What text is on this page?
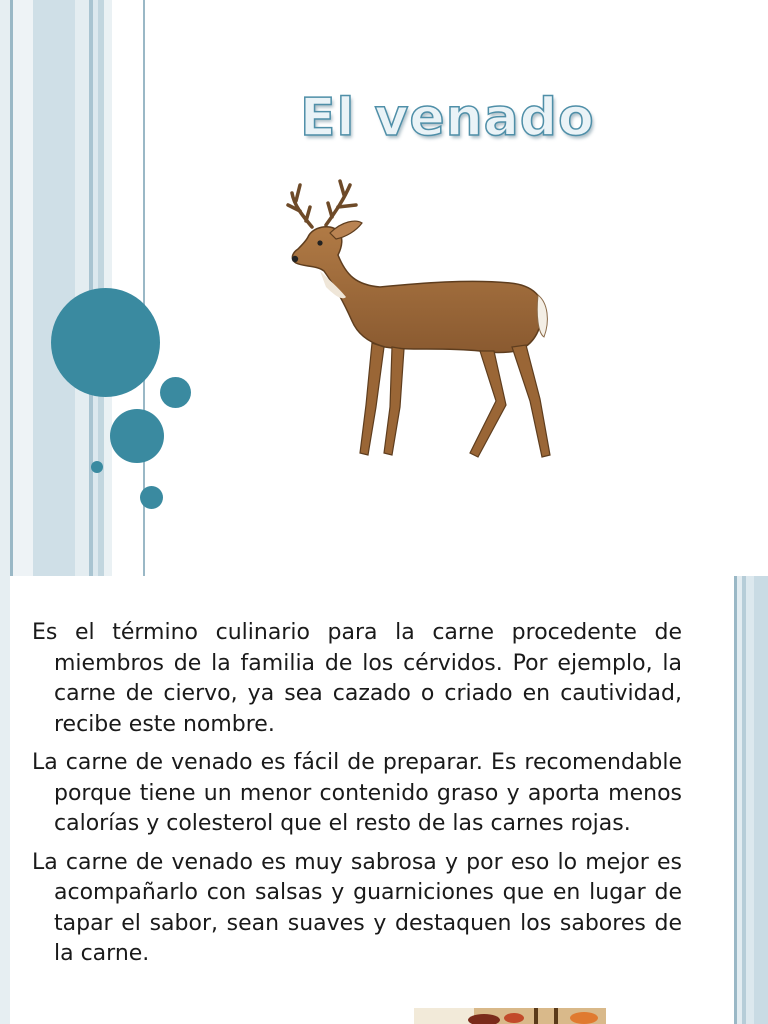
El venado

Es el término culinario para la carne procedente de miembros de la familia de los cérvidos. Por ejemplo, la carne de ciervo, ya sea cazado o criado en cautividad, recibe este nombre.

La carne de venado es fácil de preparar. Es recomendable porque tiene un menor contenido graso y aporta menos calorías y colesterol que el resto de las carnes rojas.

La carne de venado es muy sabrosa y por eso lo mejor es acompañarlo con salsas y guarniciones que en lugar de tapar el sabor, sean suaves y destaquen los sabores de la carne.
